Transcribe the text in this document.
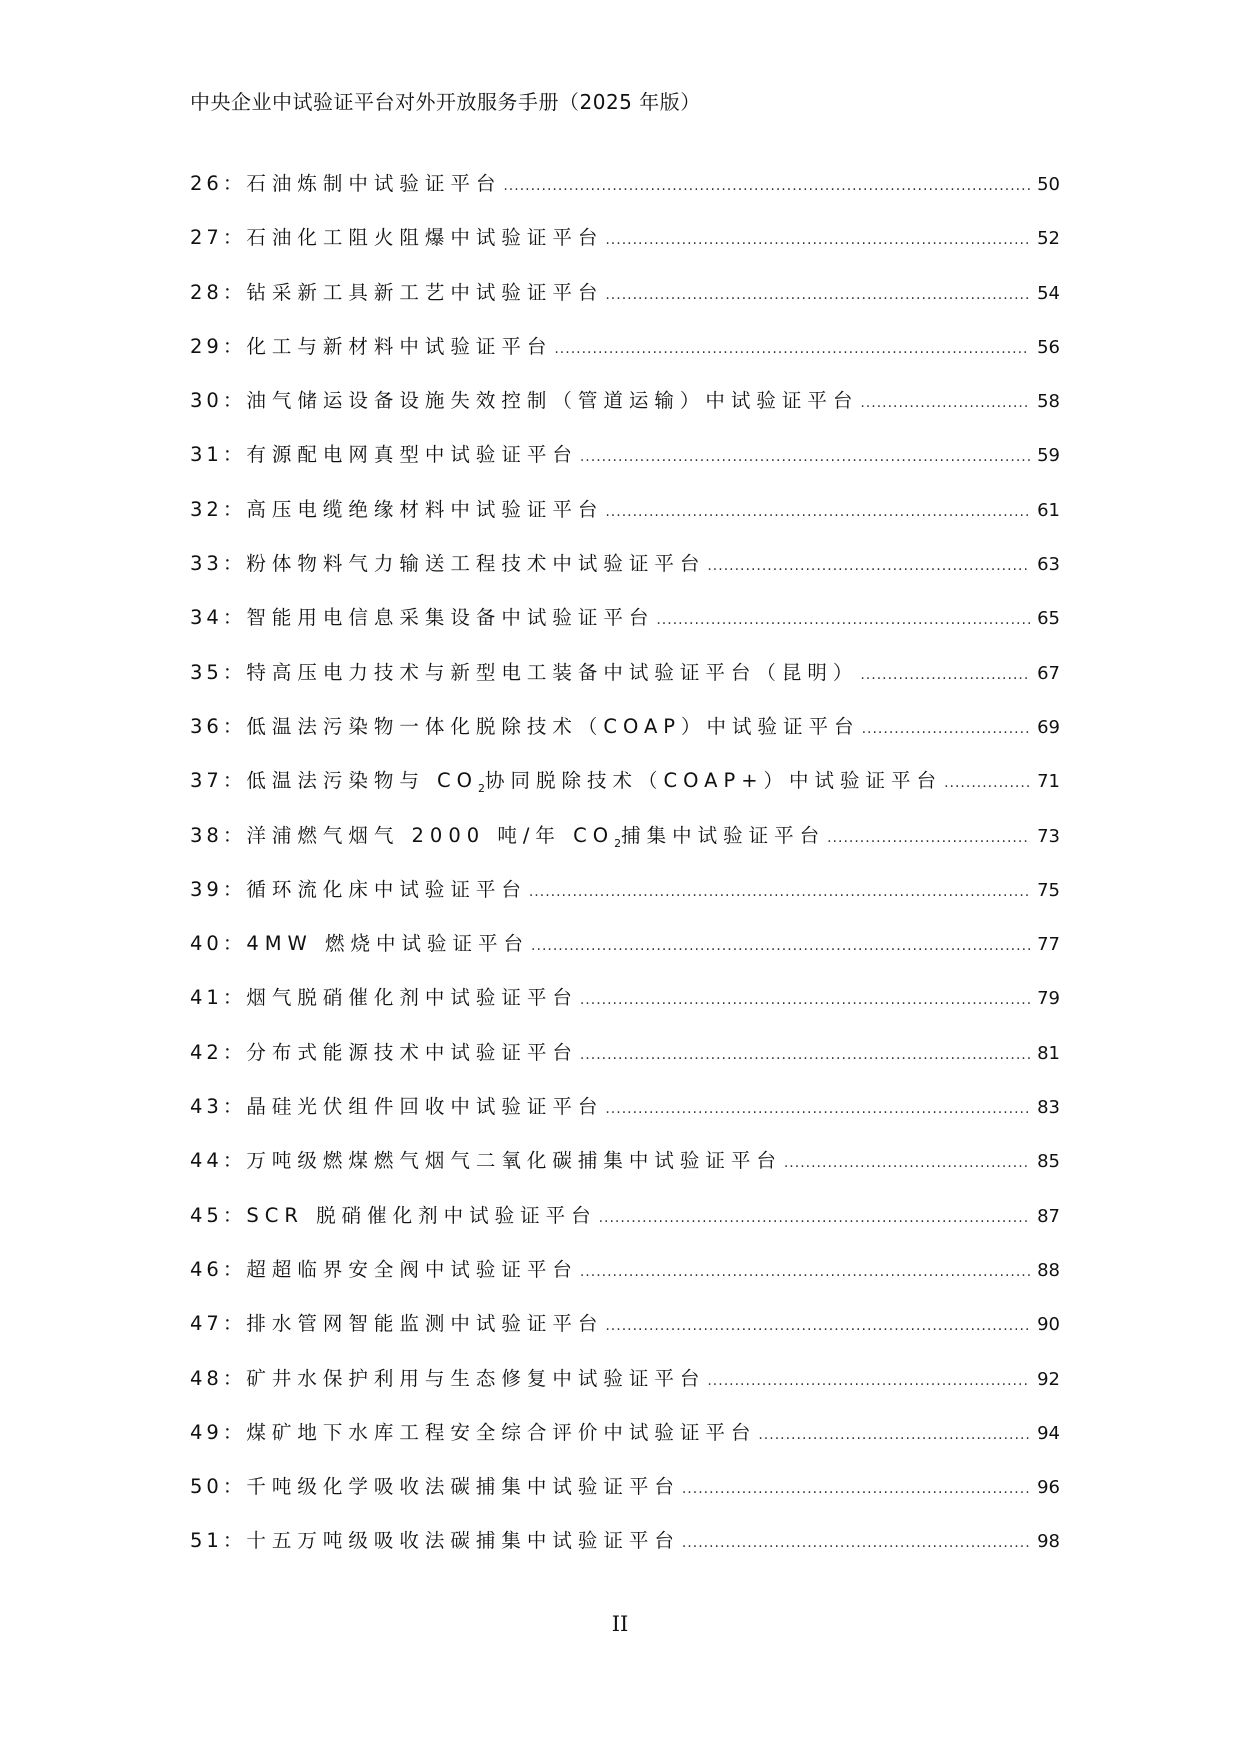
中央企业中试验证平台对外开放服务手册（2025 年版）
26： 石油炼制中试验证平台 .....	50
27： 石油化工阻火阻爆中试验证平台 .....	52
28： 钻采新工具新工艺中试验证平台 .....	54
29： 化工与新材料中试验证平台 .....	56
30： 油气储运设备设施失效控制（管道运输）中试验证平台 .....	58
31： 有源配电网真型中试验证平台 .....	59
32： 高压电缆绝缘材料中试验证平台 .....	61
33： 粉体物料气力输送工程技术中试验证平台 .....	63
34： 智能用电信息采集设备中试验证平台 .....	65
35： 特高压电力技术与新型电工装备中试验证平台（昆明） .....	67
36： 低温法污染物一体化脱除技术（COAP）中试验证平台 .....	69
37： 低温法污染物与 $CO_2$协同脱除技术（COAP+）中试验证平台 .....	71
38： 洋浦燃气烟气 2000 吨/年 $CO_2$捕集中试验证平台 .....	73
39： 循环流化床中试验证平台 .....	75
40： 4MW 燃烧中试验证平台 .....	77
41： 烟气脱硝催化剂中试验证平台 .....	79
42： 分布式能源技术中试验证平台 .....	81
43： 晶硅光伏组件回收中试验证平台 .....	83
44： 万吨级燃煤燃气烟气二氧化碳捕集中试验证平台 .....	85
45： SCR 脱硝催化剂中试验证平台 .....	87
46： 超超临界安全阀中试验证平台 .....	88
47： 排水管网智能监测中试验证平台 .....	90
48： 矿井水保护利用与生态修复中试验证平台 .....	92
49： 煤矿地下水库工程安全综合评价中试验证平台 .....	94
50： 千吨级化学吸收法碳捕集中试验证平台 .....	96
51： 十五万吨级吸收法碳捕集中试验证平台 .....	98
II
